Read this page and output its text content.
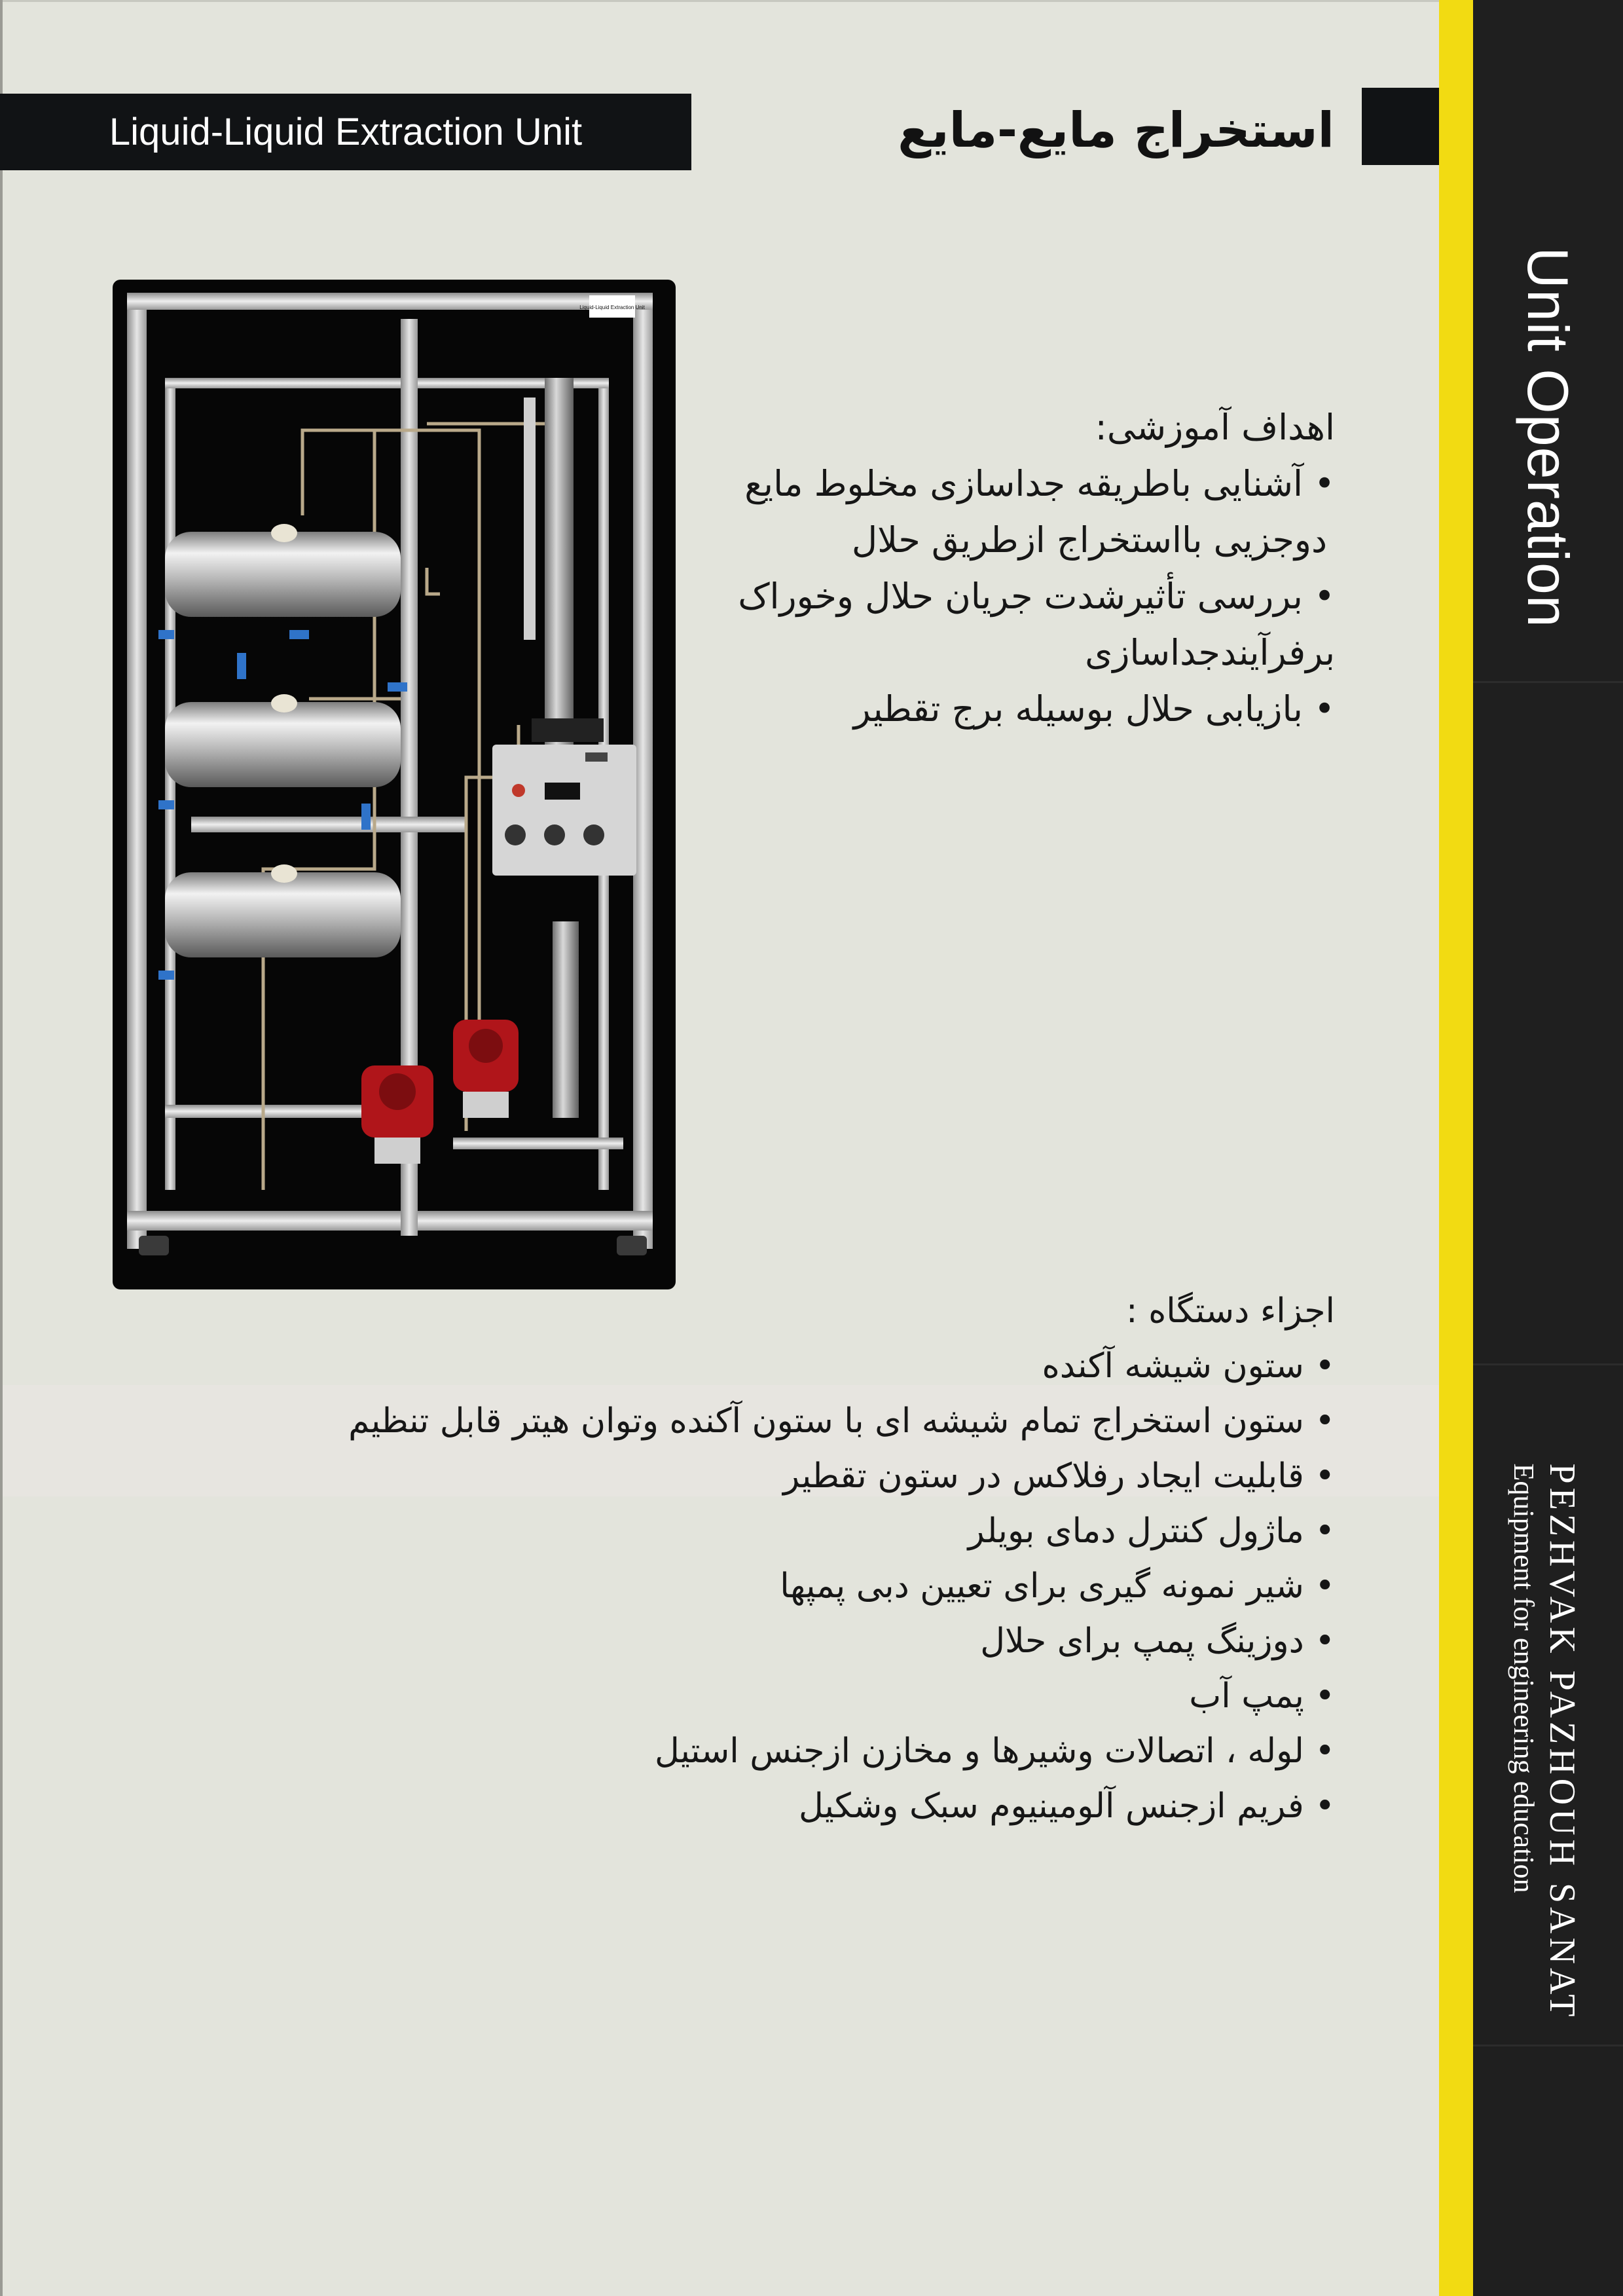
Unit Operation
PEZHVAK PAZHOUH SANAT
Equipment for engineering education
Liquid-Liquid Extraction Unit	استخراج مایع-مایع
Liquid-Liquid Extraction Unit
اهداف آموزشی:
• آشنایی باطریقه جداسازی مخلوط مایع
دوجزیی بااستخراج ازطریق حلال
• بررسی تأثیرشدت جریان حلال وخوراک
برفرآیندجداسازی
• بازیابی حلال بوسیله برج تقطیر
اجزاء دستگاه :
• ستون شیشه آکنده
• ستون استخراج تمام شیشه ای با ستون آکنده وتوان هیتر قابل تنظیم
• قابلیت ایجاد رفلاکس در ستون تقطیر
• ماژول کنترل دمای بویلر
• شیر نمونه گیری برای تعیین دبی پمپها
• دوزینگ پمپ برای حلال
• پمپ آب
• لوله ، اتصالات وشیرها و مخازن ازجنس استیل
• فریم ازجنس آلومینیوم سبک وشکیل
